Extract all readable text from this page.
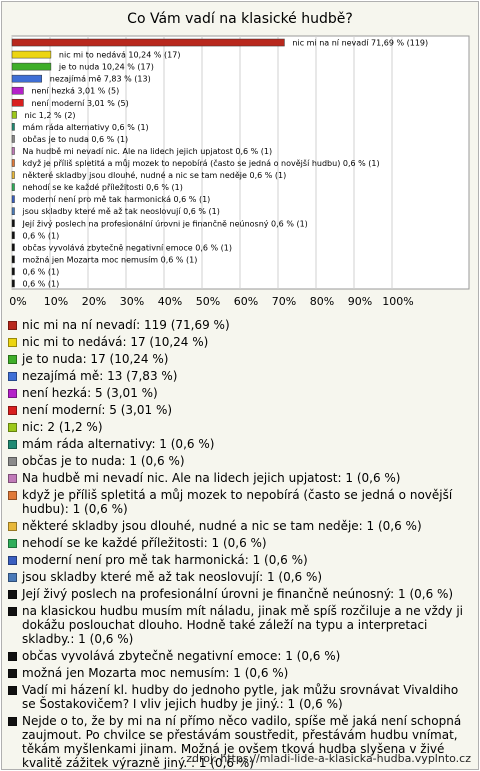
Co Vám vadí na klasické hudbě?
0% 10% 20% 30% 40% 50% 60% 70% 80% 90% 100%
nic mi na ní nevadí 71,69 % (119)
nic mi to nedává 10,24 % (17)
je to nuda 10,24 % (17)
nezajímá mě 7,83 % (13)
není hezká 3,01 % (5)
není moderní 3,01 % (5)
nic 1,2 % (2)
mám ráda alternativy 0,6 % (1)
občas je to nuda 0,6 % (1)
Na hudbě mi nevadí nic. Ale na lidech jejich upjatost 0,6 % (1)
když je příliš spletitá a můj mozek to nepobírá (často se jedná o novější hudbu) 0,6 % (1)
některé skladby jsou dlouhé, nudné a nic se tam neděje 0,6 % (1)
nehodí se ke každé příležitosti 0,6 % (1)
moderní není pro mě tak harmonická 0,6 % (1)
jsou skladby které mě až tak neoslovují 0,6 % (1)
Její živý poslech na profesionální úrovni je finančně neúnosný 0,6 % (1)
0,6 % (1)
občas vyvolává zbytečně negativní emoce 0,6 % (1)
možná jen Mozarta moc nemusím 0,6 % (1)
0,6 % (1)
0,6 % (1)
nic mi na ní nevadí: 119 (71,69 %)
nic mi to nedává: 17 (10,24 %)
je to nuda: 17 (10,24 %)
nezajímá mě: 13 (7,83 %)
není hezká: 5 (3,01 %)
není moderní: 5 (3,01 %)
nic: 2 (1,2 %)
mám ráda alternativy: 1 (0,6 %)
občas je to nuda: 1 (0,6 %)
Na hudbě mi nevadí nic. Ale na lidech jejich upjatost: 1 (0,6 %)
když je příliš spletitá a můj mozek to nepobírá (často se jedná o novější hudbu): 1 (0,6 %)
některé skladby jsou dlouhé, nudné a nic se tam neděje: 1 (0,6 %)
nehodí se ke každé příležitosti: 1 (0,6 %)
moderní není pro mě tak harmonická: 1 (0,6 %)
jsou skladby které mě až tak neoslovují: 1 (0,6 %)
Její živý poslech na profesionální úrovni je finančně neúnosný: 1 (0,6 %)
na klasickou hudbu musím mít náladu, jinak mě spíš rozčiluje a ne vždy ji dokážu poslouchat dlouho. Hodně také záleží na typu a interpretaci skladby.: 1 (0,6 %)
občas vyvolává zbytečně negativní emoce: 1 (0,6 %)
možná jen Mozarta moc nemusím: 1 (0,6 %)
Vadí mi házení kl. hudby do jednoho pytle, jak můžu srovnávat Vivaldiho se Šostakovičem? I vliv jejich hudby je jiný.: 1 (0,6 %)
Nejde o to, že by mi na ní přímo něco vadilo, spíše mě jaká není schopná zaujmout. Po chvilce se přestávám soustředit, přestávám hudbu vnímat, těkám myšlenkami jinam. Možná je ovšem tková hudba slyšena v živé kvalitě zážitek výrazně jiný. : 1 (0,6 %)
zdroj: https://mladi-lide-a-klasicka-hudba.vyplnto.cz
